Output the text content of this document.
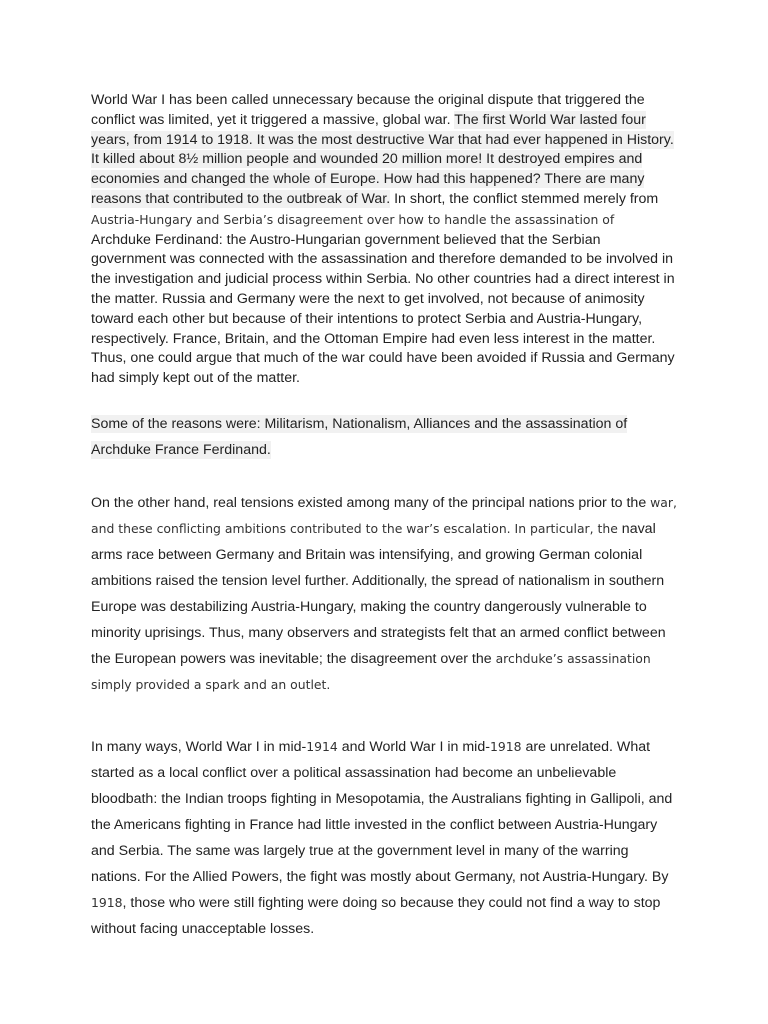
World War I has been called unnecessary because the original dispute that triggered the conflict was limited, yet it triggered a massive, global war. The first World War lasted four years, from 1914 to 1918. It was the most destructive War that had ever happened in History. It killed about 8½ million people and wounded 20 million more! It destroyed empires and economies and changed the whole of Europe. How had this happened? There are many reasons that contributed to the outbreak of War. In short, the conflict stemmed merely from Austria-Hungary and Serbia’s disagreement over how to handle the assassination of Archduke Ferdinand: the Austro-Hungarian government believed that the Serbian government was connected with the assassination and therefore demanded to be involved in the investigation and judicial process within Serbia. No other countries had a direct interest in the matter. Russia and Germany were the next to get involved, not because of animosity toward each other but because of their intentions to protect Serbia and Austria-Hungary, respectively. France, Britain, and the Ottoman Empire had even less interest in the matter. Thus, one could argue that much of the war could have been avoided if Russia and Germany had simply kept out of the matter.

Some of the reasons were: Militarism, Nationalism, Alliances and the assassination of Archduke France Ferdinand.

On the other hand, real tensions existed among many of the principal nations prior to the war, and these conflicting ambitions contributed to the war’s escalation. In particular, the naval arms race between Germany and Britain was intensifying, and growing German colonial ambitions raised the tension level further. Additionally, the spread of nationalism in southern Europe was destabilizing Austria-Hungary, making the country dangerously vulnerable to minority uprisings. Thus, many observers and strategists felt that an armed conflict between the European powers was inevitable; the disagreement over the archduke’s assassination simply provided a spark and an outlet.

In many ways, World War I in mid-1914 and World War I in mid-1918 are unrelated. What started as a local conflict over a political assassination had become an unbelievable bloodbath: the Indian troops fighting in Mesopotamia, the Australians fighting in Gallipoli, and the Americans fighting in France had little invested in the conflict between Austria-Hungary and Serbia. The same was largely true at the government level in many of the warring nations. For the Allied Powers, the fight was mostly about Germany, not Austria-Hungary. By 1918, those who were still fighting were doing so because they could not find a way to stop without facing unacceptable losses.
